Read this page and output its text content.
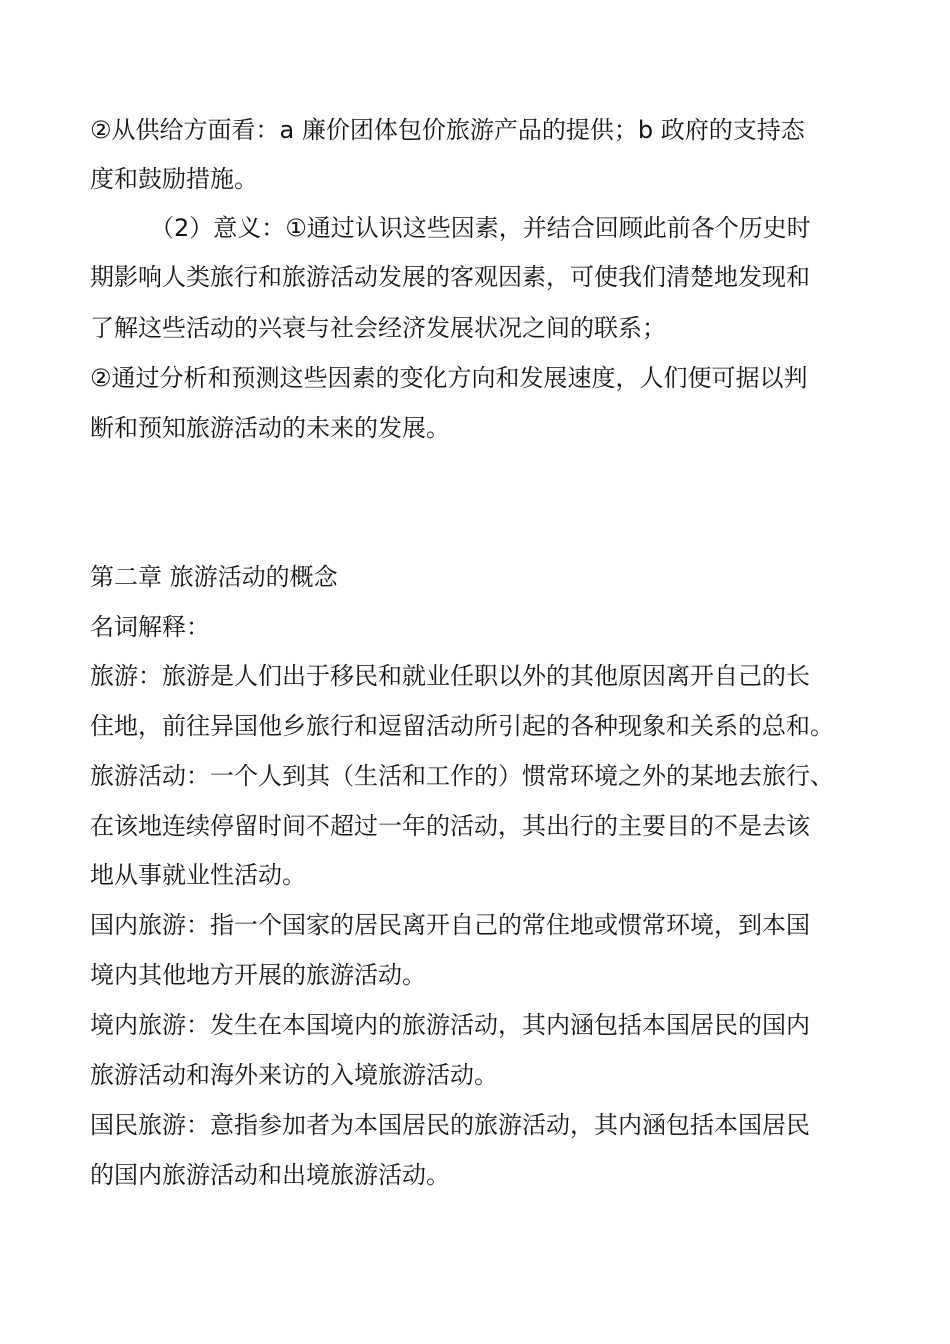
②从供给方面看：a 廉价团体包价旅游产品的提供；b 政府的支持态
度和鼓励措施。
（2）意义：①通过认识这些因素，并结合回顾此前各个历史时
期影响人类旅行和旅游活动发展的客观因素，可使我们清楚地发现和
了解这些活动的兴衰与社会经济发展状况之间的联系；
②通过分析和预测这些因素的变化方向和发展速度，人们便可据以判
断和预知旅游活动的未来的发展。
第二章 旅游活动的概念
名词解释：
旅游：旅游是人们出于移民和就业任职以外的其他原因离开自己的长
住地，前往异国他乡旅行和逗留活动所引起的各种现象和关系的总和。
旅游活动：一个人到其（生活和工作的）惯常环境之外的某地去旅行、
在该地连续停留时间不超过一年的活动，其出行的主要目的不是去该
地从事就业性活动。
国内旅游：指一个国家的居民离开自己的常住地或惯常环境，到本国
境内其他地方开展的旅游活动。
境内旅游：发生在本国境内的旅游活动，其内涵包括本国居民的国内
旅游活动和海外来访的入境旅游活动。
国民旅游：意指参加者为本国居民的旅游活动，其内涵包括本国居民
的国内旅游活动和出境旅游活动。
